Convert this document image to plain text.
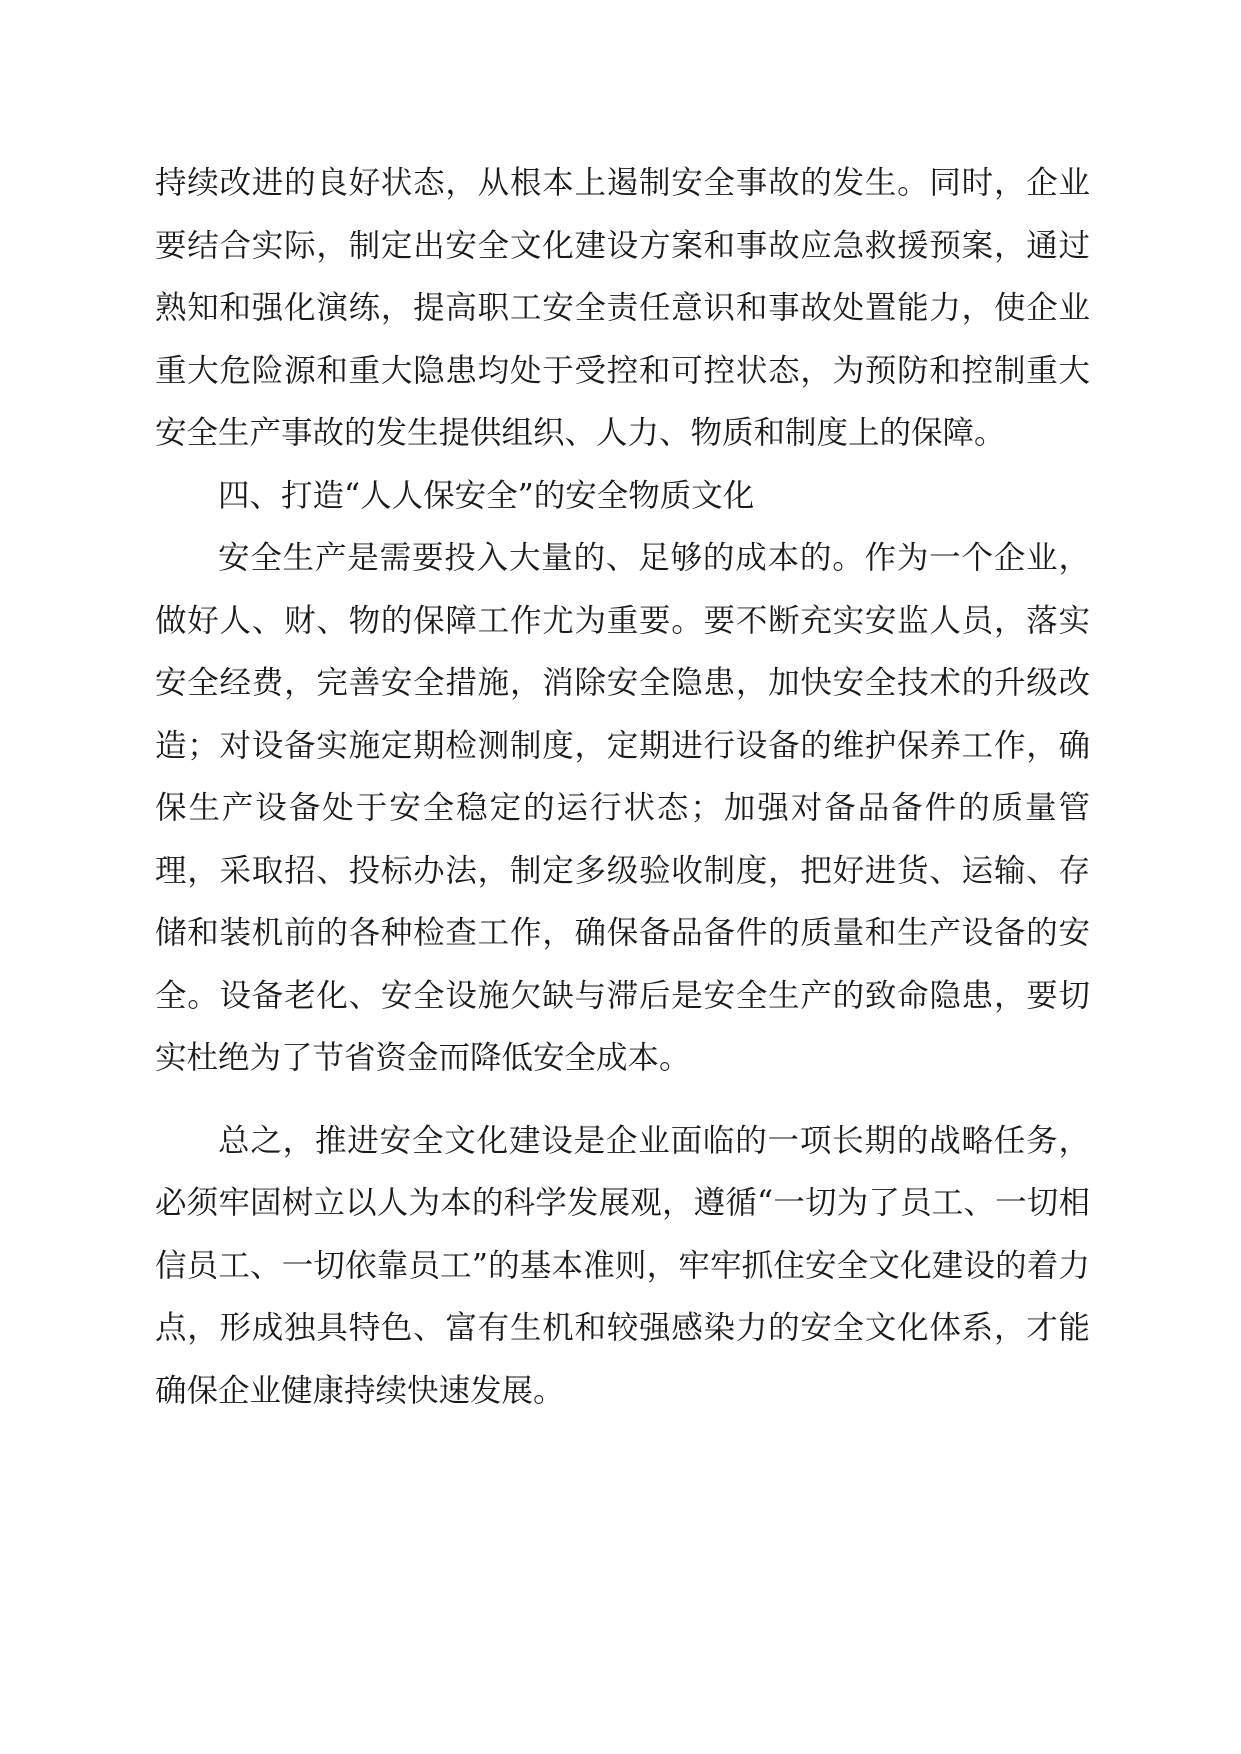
持续改进的良好状态，从根本上遏制安全事故的发生。同时，企业要结合实际，制定出安全文化建设方案和事故应急救援预案，通过熟知和强化演练，提高职工安全责任意识和事故处置能力，使企业重大危险源和重大隐患均处于受控和可控状态，为预防和控制重大安全生产事故的发生提供组织、人力、物质和制度上的保障。

四、打造“人人保安全”的安全物质文化

安全生产是需要投入大量的、足够的成本的。作为一个企业，做好人、财、物的保障工作尤为重要。要不断充实安监人员，落实安全经费，完善安全措施，消除安全隐患，加快安全技术的升级改造；对设备实施定期检测制度，定期进行设备的维护保养工作，确保生产设备处于安全稳定的运行状态；加强对备品备件的质量管理，采取招、投标办法，制定多级验收制度，把好进货、运输、存储和装机前的各种检查工作，确保备品备件的质量和生产设备的安全。设备老化、安全设施欠缺与滞后是安全生产的致命隐患，要切实杜绝为了节省资金而降低安全成本。

总之，推进安全文化建设是企业面临的一项长期的战略任务，必须牢固树立以人为本的科学发展观，遵循“一切为了员工、一切相信员工、一切依靠员工”的基本准则，牢牢抓住安全文化建设的着力点，形成独具特色、富有生机和较强感染力的安全文化体系，才能确保企业健康持续快速发展。
